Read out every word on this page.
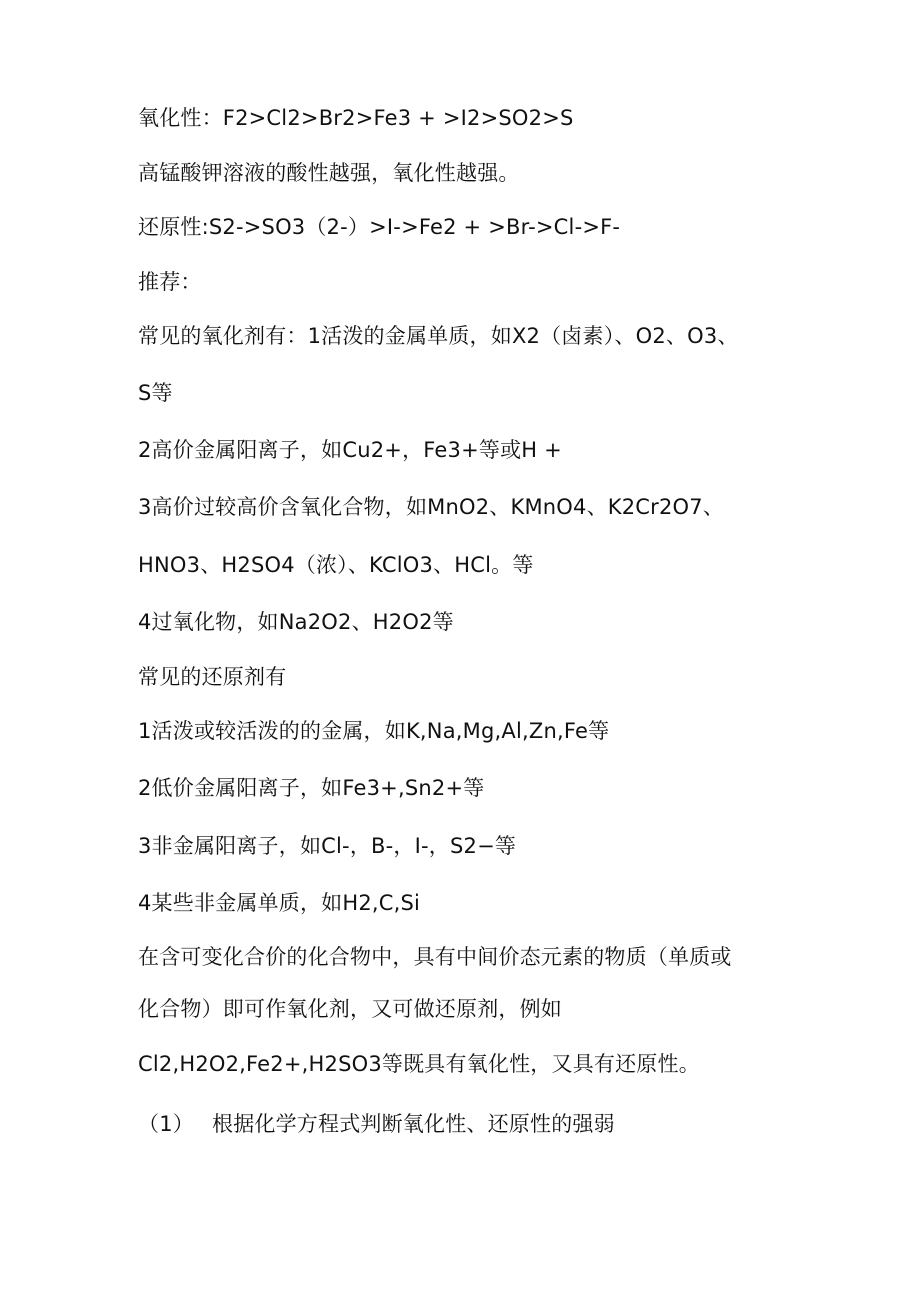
氧化性：F2>Cl2>Br2>Fe3 + >I2>SO2>S
高锰酸钾溶液的酸性越强，氧化性越强。
还原性:S2->SO3（2-）>I->Fe2 + >Br->Cl->F-
推荐：
常见的氧化剂有：1活泼的金属单质，如X2（卤素）、O2、O3、
S等
2高价金属阳离子，如Cu2+，Fe3+等或H +
3高价过较高价含氧化合物，如MnO2、KMnO4、K2Cr2O7、
HNO3、H2SO4（浓）、KClO3、HCl。等
4过氧化物，如Na2O2、H2O2等
常见的还原剂有
1活泼或较活泼的的金属，如K,Na,Mg,Al,Zn,Fe等
2低价金属阳离子，如Fe3+,Sn2+等
3非金属阳离子，如Cl-，B-，I-，S2−等
4某些非金属单质，如H2,C,Si
在含可变化合价的化合物中，具有中间价态元素的物质（单质或
化合物）即可作氧化剂，又可做还原剂，例如
Cl2,H2O2,Fe2+,H2SO3等既具有氧化性，又具有还原性。
（1） 根据化学方程式判断氧化性、还原性的强弱
